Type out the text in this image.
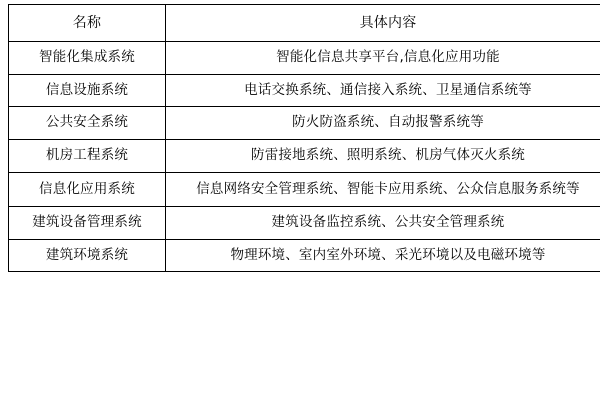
名称	具体内容

智能化集成系统	智能化信息共享平台,信息化应用功能

信息设施系统	电话交换系统、通信接入系统、卫星通信系统等

公共安全系统	防火防盗系统、自动报警系统等

机房工程系统	防雷接地系统、照明系统、机房气体灭火系统

信息化应用系统	信息网络安全管理系统、智能卡应用系统、公众信息服务系统等

建筑设备管理系统	建筑设备监控系统、公共安全管理系统

建筑环境系统	物理环境、室内室外环境、采光环境以及电磁环境等
